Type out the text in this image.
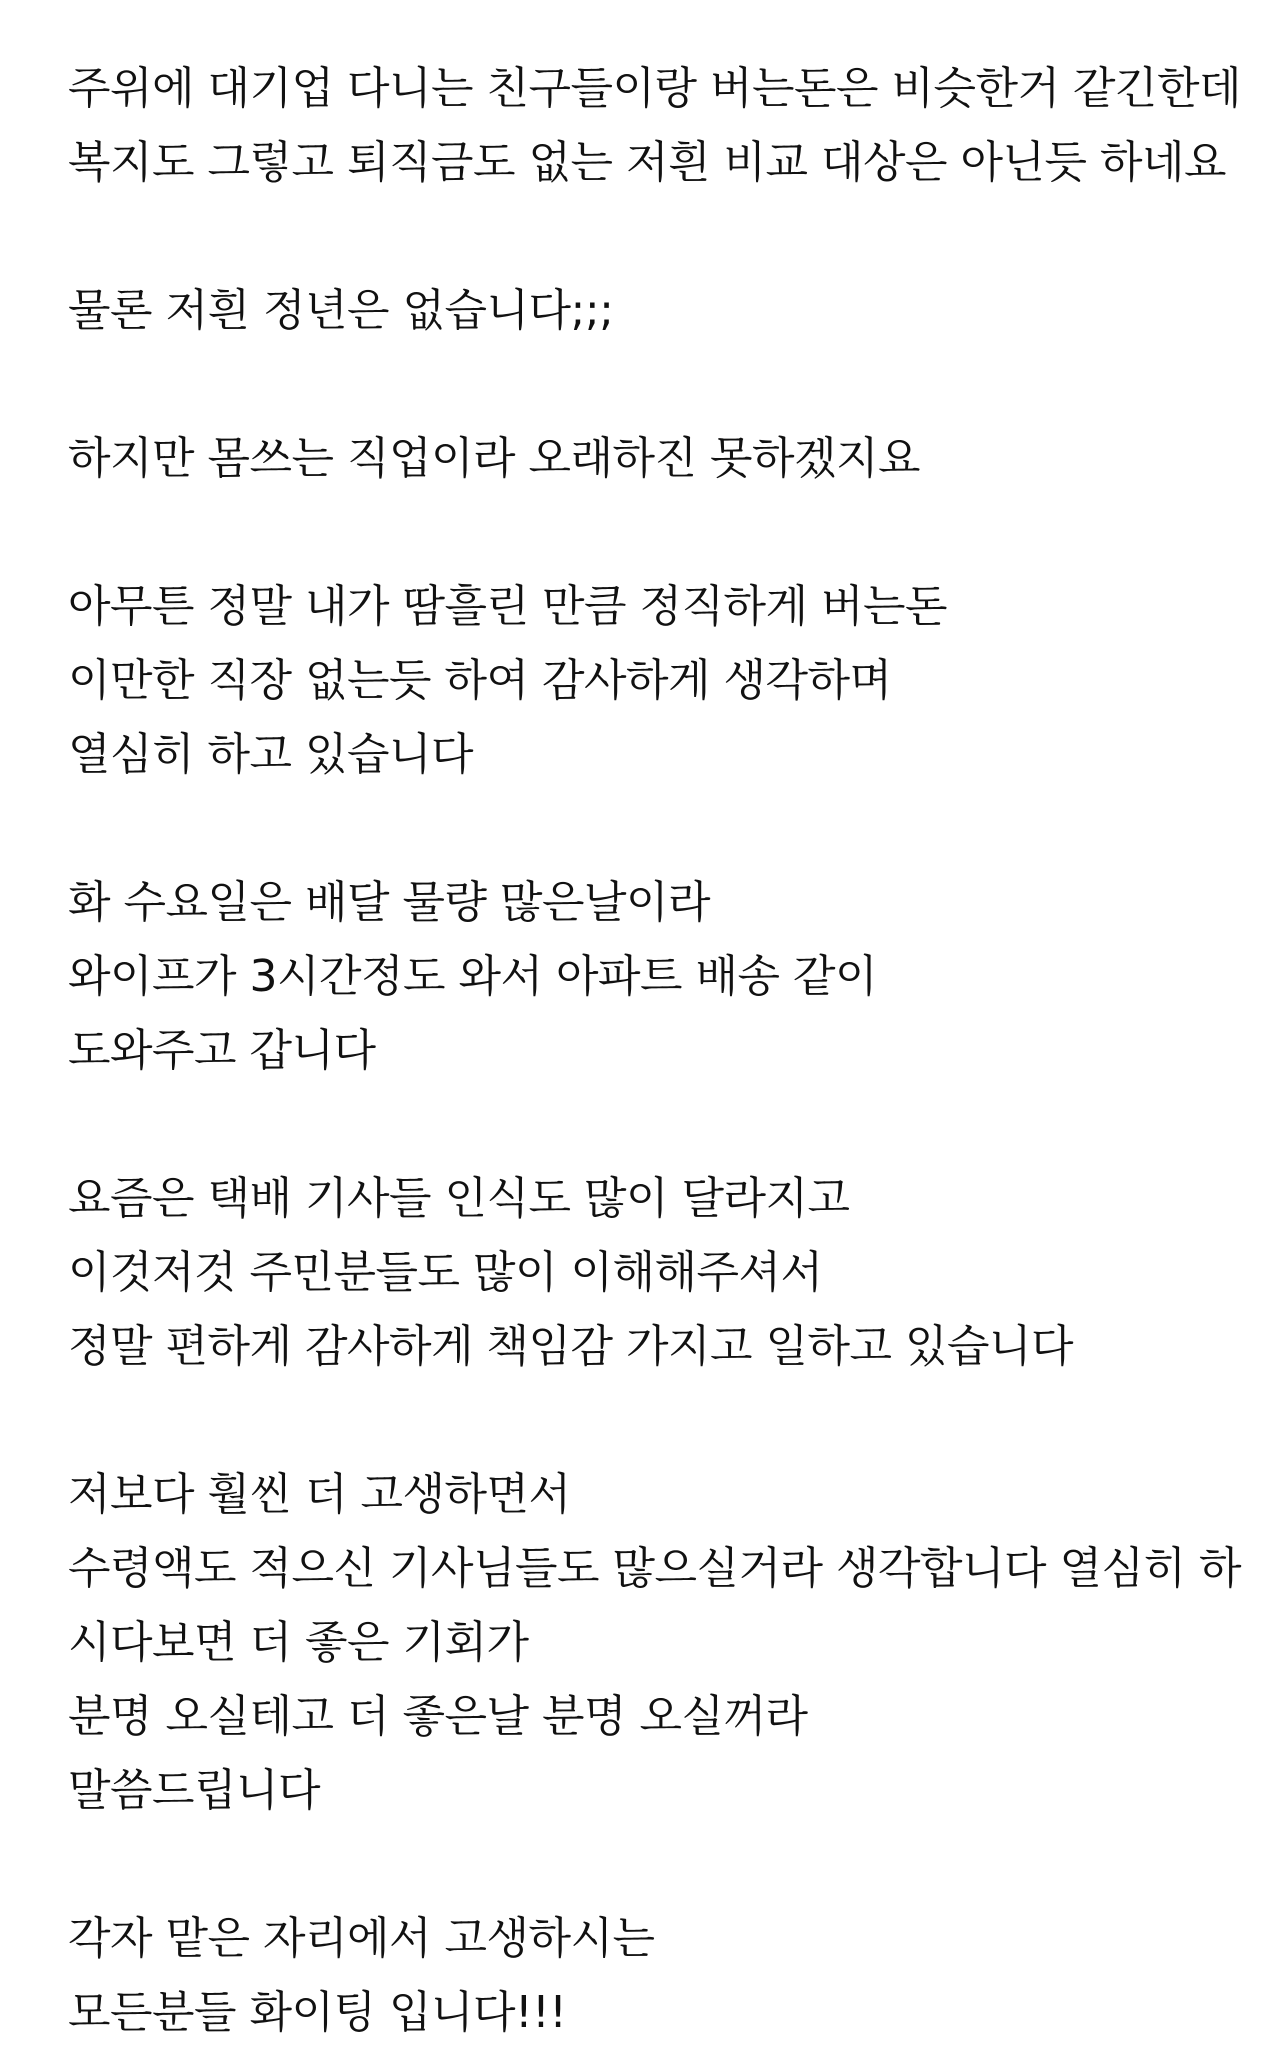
주위에 대기업 다니는 친구들이랑 버는돈은 비슷한거 같긴한데
복지도 그렇고 퇴직금도 없는 저흰 비교 대상은 아닌듯 하네요
물론 저흰 정년은 없습니다;;;
하지만 몸쓰는 직업이라 오래하진 못하겠지요
아무튼 정말 내가 땀흘린 만큼 정직하게 버는돈
이만한 직장 없는듯 하여 감사하게 생각하며
열심히 하고 있습니다
화 수요일은 배달 물량 많은날이라
와이프가 3시간정도 와서 아파트 배송 같이
도와주고 갑니다
요즘은 택배 기사들 인식도 많이 달라지고
이것저것 주민분들도 많이 이해해주셔서
정말 편하게 감사하게 책임감 가지고 일하고 있습니다
저보다 훨씬 더 고생하면서
수령액도 적으신 기사님들도 많으실거라 생각합니다 열심히 하
시다보면 더 좋은 기회가
분명 오실테고 더 좋은날 분명 오실꺼라
말씀드립니다
각자 맡은 자리에서 고생하시는
모든분들 화이팅 입니다!!!
